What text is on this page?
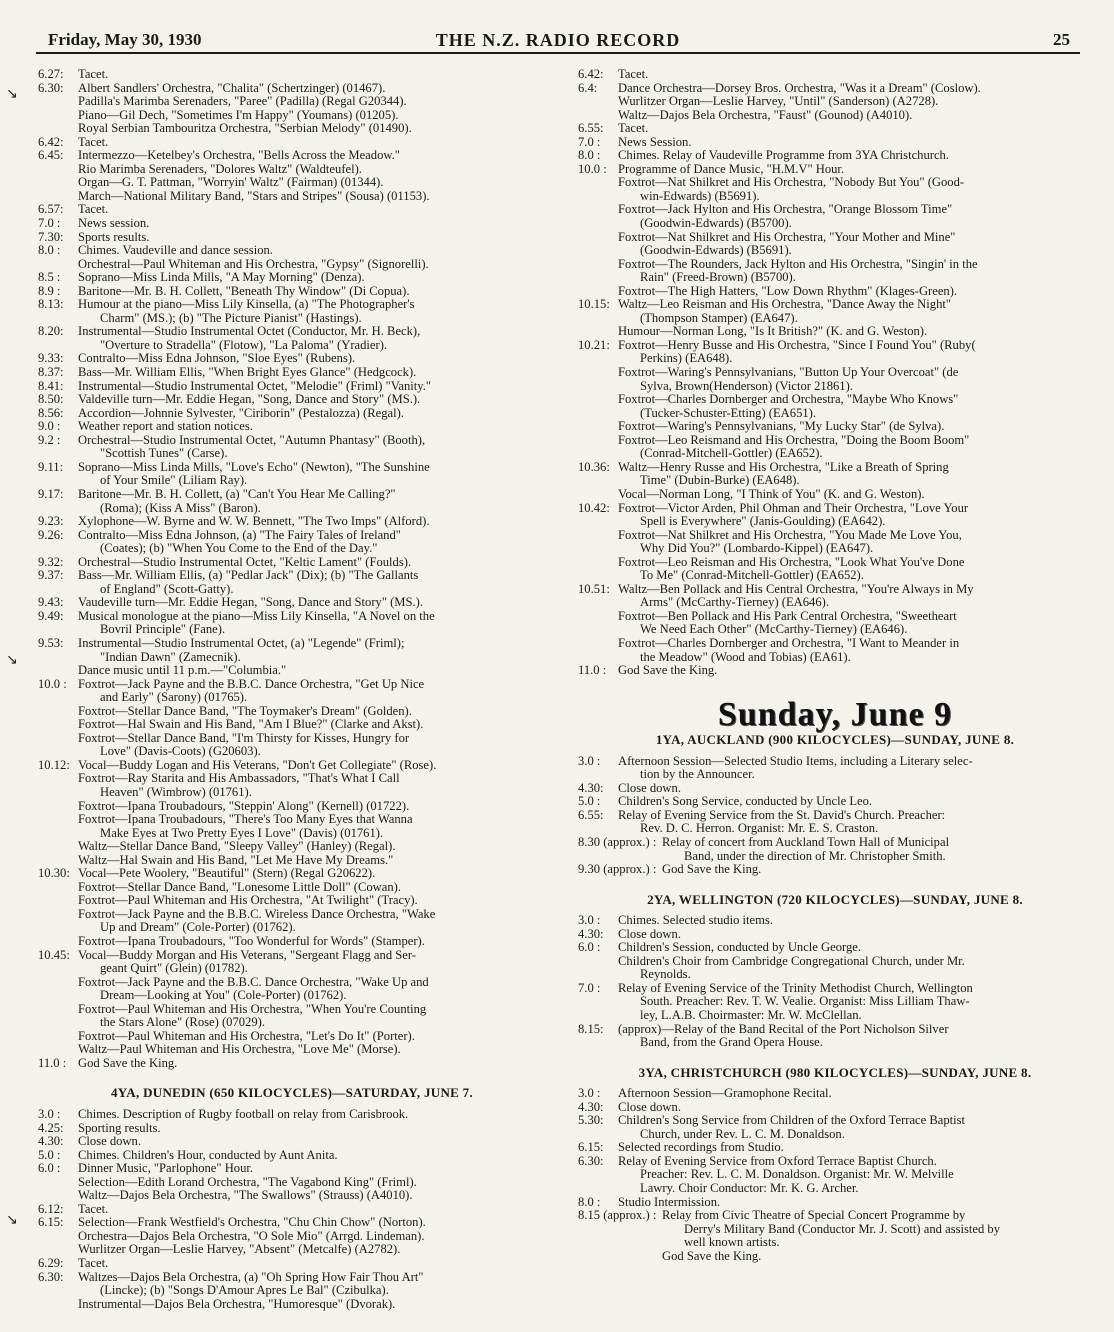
Friday, May 30, 1930	THE N.Z. RADIO RECORD	25
↘
↘
↘
6.27:	Tacet.
6.30:	Albert Sandlers' Orchestra, "Chalita" (Schertzinger) (01467).
Padilla's Marimba Serenaders, "Paree" (Padilla) (Regal G20344).
Piano—Gil Dech, "Sometimes I'm Happy" (Youmans) (01205).
Royal Serbian Tambouritza Orchestra, "Serbian Melody" (01490).
6.42:	Tacet.
6.45:	Intermezzo—Ketelbey's Orchestra, "Bells Across the Meadow."
Rio Marimba Serenaders, "Dolores Waltz" (Waldteufel).
Organ—G. T. Pattman, "Worryin' Waltz" (Fairman) (01344).
March—National Military Band, "Stars and Stripes" (Sousa) (01153).
6.57:	Tacet.
7.0 :	News session.
7.30:	Sports results.
8.0 :	Chimes. Vaudeville and dance session.
Orchestral—Paul Whiteman and His Orchestra, "Gypsy" (Signorelli).
8.5 :	Soprano—Miss Linda Mills, "A May Morning" (Denza).
8.9 :	Baritone—Mr. B. H. Collett, "Beneath Thy Window" (Di Copua).
8.13:	Humour at the piano—Miss Lily Kinsella, (a) "The Photographer's
Charm" (MS.); (b) "The Picture Pianist" (Hastings).
8.20:	Instrumental—Studio Instrumental Octet (Conductor, Mr. H. Beck),
"Overture to Stradella" (Flotow), "La Paloma" (Yradier).
9.33:	Contralto—Miss Edna Johnson, "Sloe Eyes" (Rubens).
8.37:	Bass—Mr. William Ellis, "When Bright Eyes Glance" (Hedgcock).
8.41:	Instrumental—Studio Instrumental Octet, "Melodie" (Friml) "Vanity."
8.50:	Valdeville turn—Mr. Eddie Hegan, "Song, Dance and Story" (MS.).
8.56:	Accordion—Johnnie Sylvester, "Ciriborin" (Pestalozza) (Regal).
9.0 :	Weather report and station notices.
9.2 :	Orchestral—Studio Instrumental Octet, "Autumn Phantasy" (Booth),
"Scottish Tunes" (Carse).
9.11:	Soprano—Miss Linda Mills, "Love's Echo" (Newton), "The Sunshine
of Your Smile" (Liliam Ray).
9.17:	Baritone—Mr. B. H. Collett, (a) "Can't You Hear Me Calling?"
(Roma); (Kiss A Miss" (Baron).
9.23:	Xylophone—W. Byrne and W. W. Bennett, "The Two Imps" (Alford).
9.26:	Contralto—Miss Edna Johnson, (a) "The Fairy Tales of Ireland"
(Coates); (b) "When You Come to the End of the Day."
9.32:	Orchestral—Studio Instrumental Octet, "Keltic Lament" (Foulds).
9.37:	Bass—Mr. William Ellis, (a) "Pedlar Jack" (Dix); (b) "The Gallants
of England" (Scott-Gatty).
9.43:	Vaudeville turn—Mr. Eddie Hegan, "Song, Dance and Story" (MS.).
9.49:	Musical monologue at the piano—Miss Lily Kinsella, "A Novel on the
Bovril Principle" (Fane).
9.53:	Instrumental—Studio Instrumental Octet, (a) "Legende" (Friml);
"Indian Dawn" (Zamecnik).
Dance music until 11 p.m.—"Columbia."
10.0 : Foxtrot—Jack Payne and the B.B.C. Dance Orchestra, "Get Up Nice
and Early" (Sarony) (01765).
Foxtrot—Stellar Dance Band, "The Toymaker's Dream" (Golden).
Foxtrot—Hal Swain and His Band, "Am I Blue?" (Clarke and Akst).
Foxtrot—Stellar Dance Band, "I'm Thirsty for Kisses, Hungry for
Love" (Davis-Coots) (G20603).
10.12: Vocal—Buddy Logan and His Veterans, "Don't Get Collegiate" (Rose).
Foxtrot—Ray Starita and His Ambassadors, "That's What I Call
Heaven" (Wimbrow) (01761).
Foxtrot—Ipana Troubadours, "Steppin' Along" (Kernell) (01722).
Foxtrot—Ipana Troubadours, "There's Too Many Eyes that Wanna
Make Eyes at Two Pretty Eyes I Love" (Davis) (01761).
Waltz—Stellar Dance Band, "Sleepy Valley" (Hanley) (Regal).
Waltz—Hal Swain and His Band, "Let Me Have My Dreams."
10.30: Vocal—Pete Woolery, "Beautiful" (Stern) (Regal G20622).
Foxtrot—Stellar Dance Band, "Lonesome Little Doll" (Cowan).
Foxtrot—Paul Whiteman and His Orchestra, "At Twilight" (Tracy).
Foxtrot—Jack Payne and the B.B.C. Wireless Dance Orchestra, "Wake
Up and Dream" (Cole-Porter) (01762).
Foxtrot—Ipana Troubadours, "Too Wonderful for Words" (Stamper).
10.45: Vocal—Buddy Morgan and His Veterans, "Sergeant Flagg and Ser-
geant Quirt" (Glein) (01782).
Foxtrot—Jack Payne and the B.B.C. Dance Orchestra, "Wake Up and
Dream—Looking at You" (Cole-Porter) (01762).
Foxtrot—Paul Whiteman and His Orchestra, "When You're Counting
the Stars Alone" (Rose) (07029).
Foxtrot—Paul Whiteman and His Orchestra, "Let's Do It" (Porter).
Waltz—Paul Whiteman and His Orchestra, "Love Me" (Morse).
11.0 : God Save the King.
4YA, DUNEDIN (650 KILOCYCLES)—SATURDAY, JUNE 7.
3.0 :	Chimes. Description of Rugby football on relay from Carisbrook.
4.25:	Sporting results.
4.30:	Close down.
5.0 :	Chimes. Children's Hour, conducted by Aunt Anita.
6.0 :	Dinner Music, "Parlophone" Hour.
Selection—Edith Lorand Orchestra, "The Vagabond King" (Friml).
Waltz—Dajos Bela Orchestra, "The Swallows" (Strauss) (A4010).
6.12:	Tacet.
6.15:	Selection—Frank Westfield's Orchestra, "Chu Chin Chow" (Norton).
Orchestra—Dajos Bela Orchestra, "O Sole Mio" (Arrgd. Lindeman).
Wurlitzer Organ—Leslie Harvey, "Absent" (Metcalfe) (A2782).
6.29:	Tacet.
6.30:	Waltzes—Dajos Bela Orchestra, (a) "Oh Spring How Fair Thou Art"
(Lincke); (b) "Songs D'Amour Apres Le Bal" (Czibulka).
Instrumental—Dajos Bela Orchestra, "Humoresque" (Dvorak).
6.42:	Tacet.
6.4:	Dance Orchestra—Dorsey Bros. Orchestra, "Was it a Dream" (Coslow).
Wurlitzer Organ—Leslie Harvey, "Until" (Sanderson) (A2728).
Waltz—Dajos Bela Orchestra, "Faust" (Gounod) (A4010).
6.55:	Tacet.
7.0 :	News Session.
8.0 :	Chimes. Relay of Vaudeville Programme from 3YA Christchurch.
10.0 : Programme of Dance Music, "H.M.V" Hour.
Foxtrot—Nat Shilkret and His Orchestra, "Nobody But You" (Good-
win-Edwards) (B5691).
Foxtrot—Jack Hylton and His Orchestra, "Orange Blossom Time"
(Goodwin-Edwards) (B5700).
Foxtrot—Nat Shilkret and His Orchestra, "Your Mother and Mine"
(Goodwin-Edwards) (B5691).
Foxtrot—The Rounders, Jack Hylton and His Orchestra, "Singin' in the
Rain" (Freed-Brown) (B5700).
Foxtrot—The High Hatters, "Low Down Rhythm" (Klages-Green).
10.15: Waltz—Leo Reisman and His Orchestra, "Dance Away the Night"
(Thompson Stamper) (EA647).
Humour—Norman Long, "Is It British?" (K. and G. Weston).
10.21: Foxtrot—Henry Busse and His Orchestra, "Since I Found You" (Ruby(
Perkins) (EA648).
Foxtrot—Waring's Pennsylvanians, "Button Up Your Overcoat" (de
Sylva, Brown(Henderson) (Victor 21861).
Foxtrot—Charles Dornberger and Orchestra, "Maybe Who Knows"
(Tucker-Schuster-Etting) (EA651).
Foxtrot—Waring's Pennsylvanians, "My Lucky Star" (de Sylva).
Foxtrot—Leo Reismand and His Orchestra, "Doing the Boom Boom"
(Conrad-Mitchell-Gottler) (EA652).
10.36: Waltz—Henry Russe and His Orchestra, "Like a Breath of Spring
Time" (Dubin-Burke) (EA648).
Vocal—Norman Long, "I Think of You" (K. and G. Weston).
10.42: Foxtrot—Victor Arden, Phil Ohman and Their Orchestra, "Love Your
Spell is Everywhere" (Janis-Goulding) (EA642).
Foxtrot—Nat Shilkret and His Orchestra, "You Made Me Love You,
Why Did You?" (Lombardo-Kippel) (EA647).
Foxtrot—Leo Reisman and His Orchestra, "Look What You've Done
To Me" (Conrad-Mitchell-Gottler) (EA652).
10.51: Waltz—Ben Pollack and His Central Orchestra, "You're Always in My
Arms" (McCarthy-Tierney) (EA646).
Foxtrot—Ben Pollack and His Park Central Orchestra, "Sweetheart
We Need Each Other" (McCarthy-Tierney) (EA646).
Foxtrot—Charles Dornberger and Orchestra, "I Want to Meander in
the Meadow" (Wood and Tobias) (EA61).
11.0 : God Save the King.
Sunday, June 9
1YA, AUCKLAND (900 KILOCYCLES)—SUNDAY, JUNE 8.
3.0 :	Afternoon Session—Selected Studio Items, including a Literary selec-
tion by the Announcer.
4.30:	Close down.
5.0 :	Children's Song Service, conducted by Uncle Leo.
6.55:	Relay of Evening Service from the St. David's Church. Preacher:
Rev. D. C. Herron. Organist: Mr. E. S. Craston.
8.30 (approx.) : Relay of concert from Auckland Town Hall of Municipal
Band, under the direction of Mr. Christopher Smith.
9.30 (approx.) : God Save the King.
2YA, WELLINGTON (720 KILOCYCLES)—SUNDAY, JUNE 8.
3.0 :	Chimes. Selected studio items.
4.30:	Close down.
6.0 :	Children's Session, conducted by Uncle George.
Children's Choir from Cambridge Congregational Church, under Mr.
Reynolds.
7.0 :	Relay of Evening Service of the Trinity Methodist Church, Wellington
South. Preacher: Rev. T. W. Vealie. Organist: Miss Lilliam Thaw-
ley, L.A.B. Choirmaster: Mr. W. McClellan.
8.15:	(approx)—Relay of the Band Recital of the Port Nicholson Silver
Band, from the Grand Opera House.
3YA, CHRISTCHURCH (980 KILOCYCLES)—SUNDAY, JUNE 8.
3.0 :	Afternoon Session—Gramophone Recital.
4.30:	Close down.
5.30:	Children's Song Service from Children of the Oxford Terrace Baptist
Church, under Rev. L. C. M. Donaldson.
6.15:	Selected recordings from Studio.
6.30:	Relay of Evening Service from Oxford Terrace Baptist Church.
Preacher: Rev. L. C. M. Donaldson. Organist: Mr. W. Melville
Lawry. Choir Conductor: Mr. K. G. Archer.
8.0 :	Studio Intermission.
8.15 (approx.) : Relay from Civic Theatre of Special Concert Programme by
Derry's Military Band (Conductor Mr. J. Scott) and assisted by
well known artists.
God Save the King.
